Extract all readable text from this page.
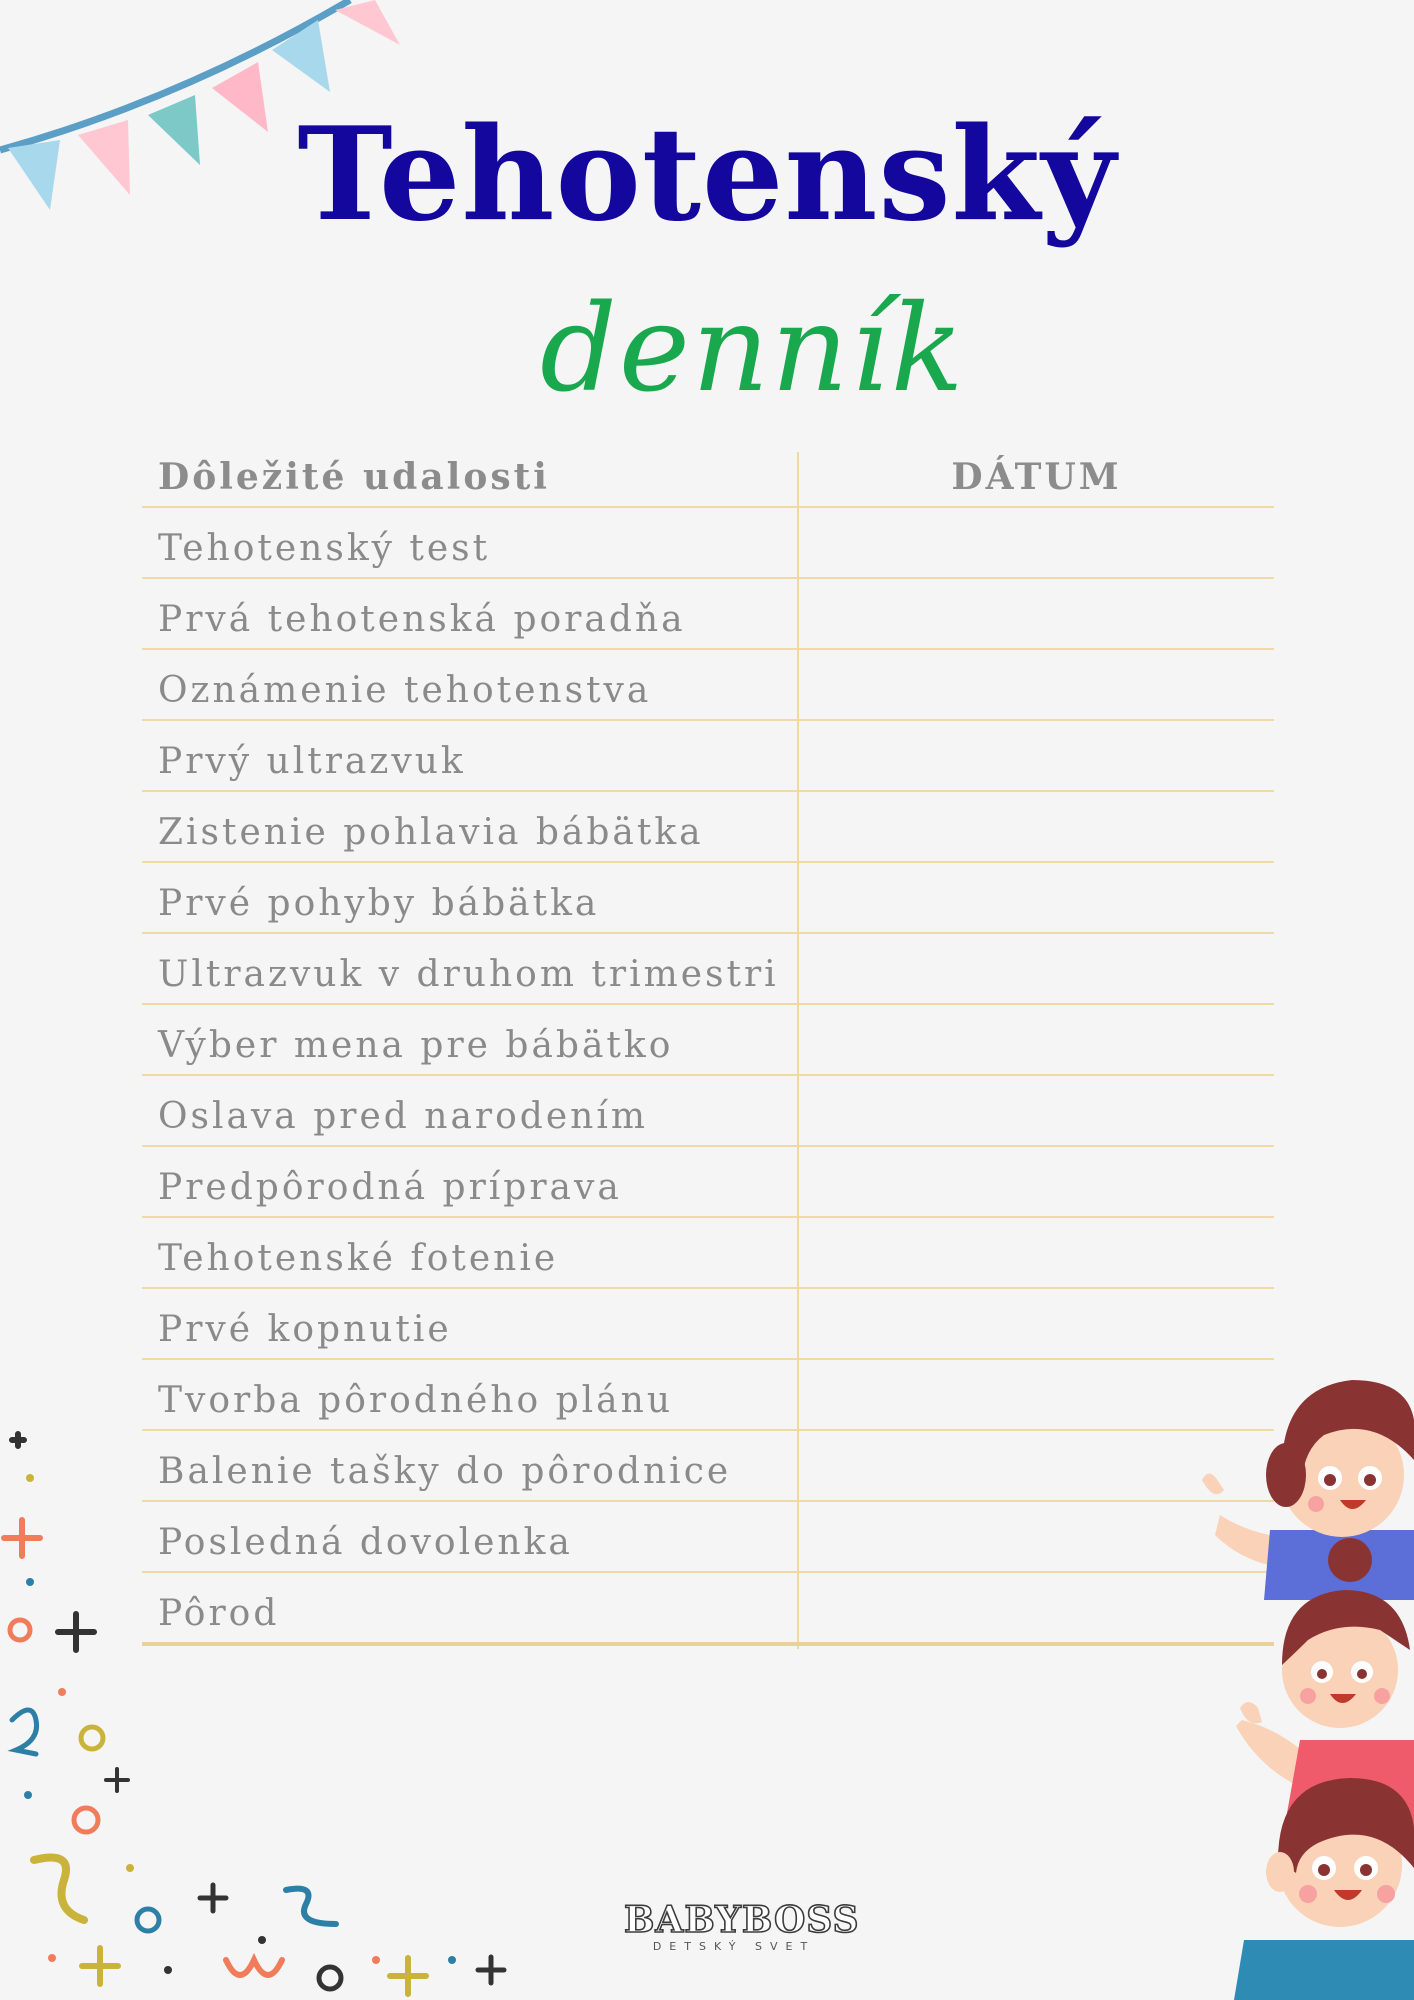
Tehotenský
denník
Dôležité udalosti	DÁTUM
Tehotenský test
Prvá tehotenská poradňa
Oznámenie tehotenstva
Prvý ultrazvuk
Zistenie pohlavia bábätka
Prvé pohyby bábätka
Ultrazvuk v druhom trimestri
Výber mena pre bábätko
Oslava pred narodením
Predpôrodná príprava
Tehotenské fotenie
Prvé kopnutie
Tvorba pôrodného plánu
Balenie tašky do pôrodnice
Posledná dovolenka
Pôrod
BABYBOSS
DETSKÝ SVET
